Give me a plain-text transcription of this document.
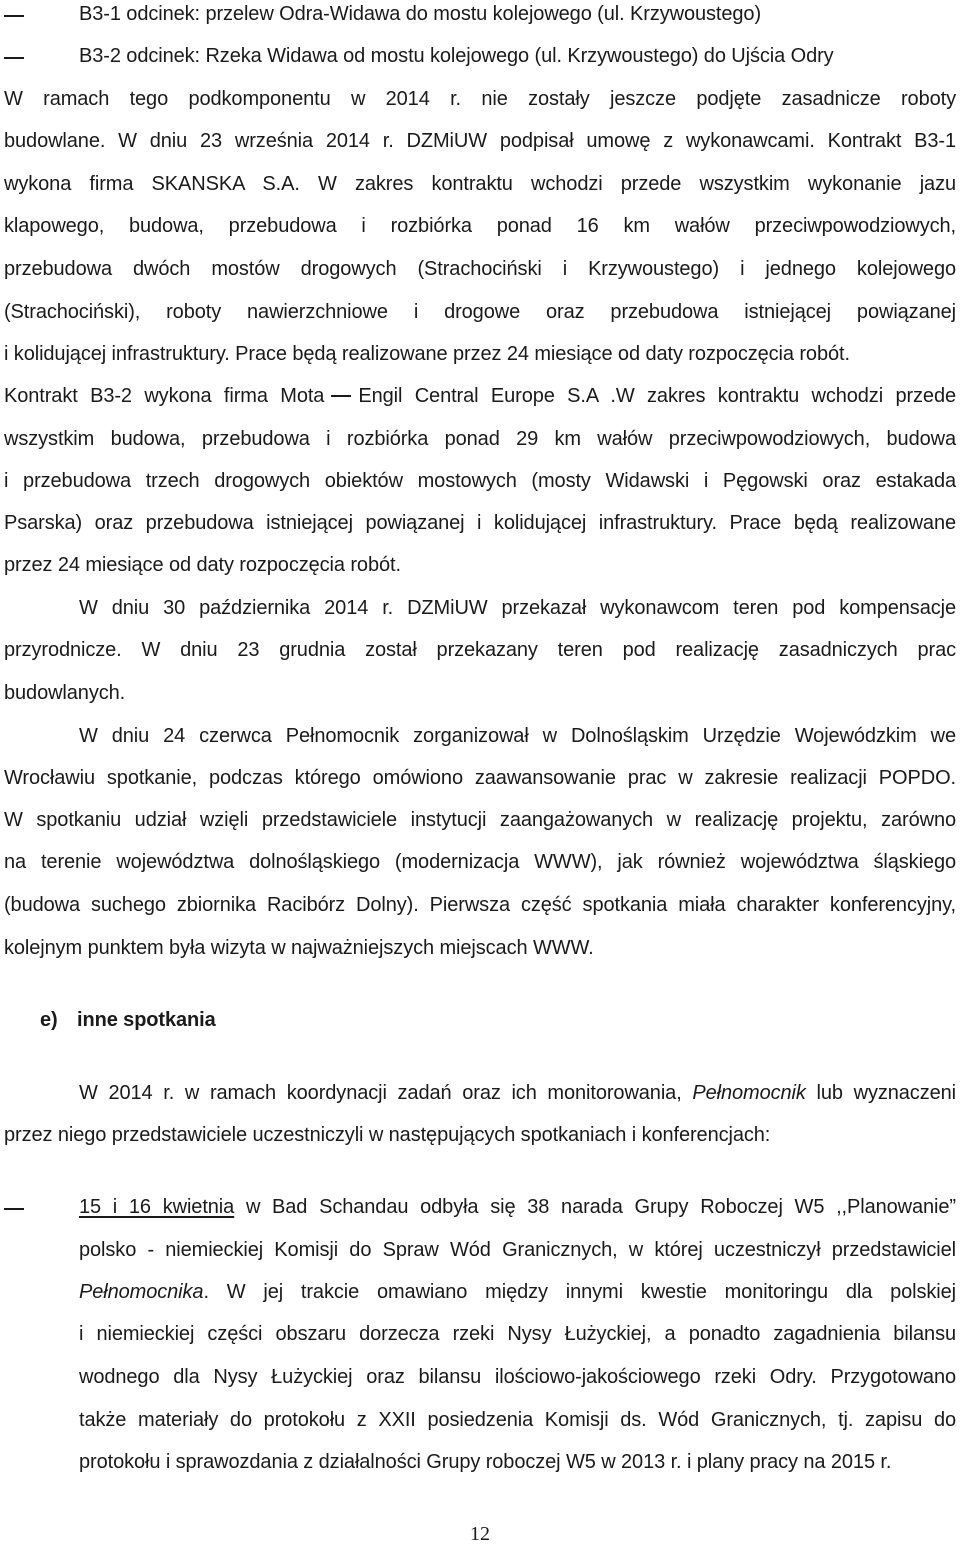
B3-1 odcinek: przelew Odra-Widawa do mostu kolejowego (ul. Krzywoustego)
B3-2 odcinek: Rzeka Widawa od mostu kolejowego (ul. Krzywoustego) do Ujścia Odry
W ramach tego podkomponentu w 2014 r. nie zostały jeszcze podjęte zasadnicze roboty
budowlane. W dniu 23 września 2014 r. DZMiUW podpisał umowę z wykonawcami. Kontrakt B3-1
wykona firma SKANSKA S.A. W zakres kontraktu wchodzi przede wszystkim wykonanie jazu
klapowego, budowa, przebudowa i rozbiórka ponad 16 km wałów przeciwpowodziowych,
przebudowa dwóch mostów drogowych (Strachociński i Krzywoustego) i jednego kolejowego
(Strachociński), roboty nawierzchniowe i drogowe oraz przebudowa istniejącej powiązanej
i kolidującej infrastruktury. Prace będą realizowane przez 24 miesiące od daty rozpoczęcia robót.
Kontrakt B3-2 wykona firma Mota Engil Central Europe S.A .W zakres kontraktu wchodzi przede
wszystkim budowa, przebudowa i rozbiórka ponad 29 km wałów przeciwpowodziowych, budowa
i przebudowa trzech drogowych obiektów mostowych (mosty Widawski i Pęgowski oraz estakada
Psarska) oraz przebudowa istniejącej powiązanej i kolidującej infrastruktury. Prace będą realizowane
przez 24 miesiące od daty rozpoczęcia robót.
W dniu 30 października 2014 r. DZMiUW przekazał wykonawcom teren pod kompensacje
przyrodnicze. W dniu 23 grudnia został przekazany teren pod realizację zasadniczych prac
budowlanych.
W dniu 24 czerwca Pełnomocnik zorganizował w Dolnośląskim Urzędzie Wojewódzkim we
Wrocławiu spotkanie, podczas którego omówiono zaawansowanie prac w zakresie realizacji POPDO.
W spotkaniu udział wzięli przedstawiciele instytucji zaangażowanych w realizację projektu, zarówno
na terenie województwa dolnośląskiego (modernizacja WWW), jak również województwa śląskiego
(budowa suchego zbiornika Racibórz Dolny). Pierwsza część spotkania miała charakter konferencyjny,
kolejnym punktem była wizyta w najważniejszych miejscach WWW.
e) inne spotkania
W 2014 r. w ramach koordynacji zadań oraz ich monitorowania, Pełnomocnik lub wyznaczeni
przez niego przedstawiciele uczestniczyli w następujących spotkaniach i konferencjach:
15 i 16 kwietnia w Bad Schandau odbyła się 38 narada Grupy Roboczej W5 ,,Planowanie”
polsko - niemieckiej Komisji do Spraw Wód Granicznych, w której uczestniczył przedstawiciel
Pełnomocnika. W jej trakcie omawiano między innymi kwestie monitoringu dla polskiej
i niemieckiej części obszaru dorzecza rzeki Nysy Łużyckiej, a ponadto zagadnienia bilansu
wodnego dla Nysy Łużyckiej oraz bilansu ilościowo-jakościowego rzeki Odry. Przygotowano
także materiały do protokołu z XXII posiedzenia Komisji ds. Wód Granicznych, tj. zapisu do
protokołu i sprawozdania z działalności Grupy roboczej W5 w 2013 r. i plany pracy na 2015 r.
12
